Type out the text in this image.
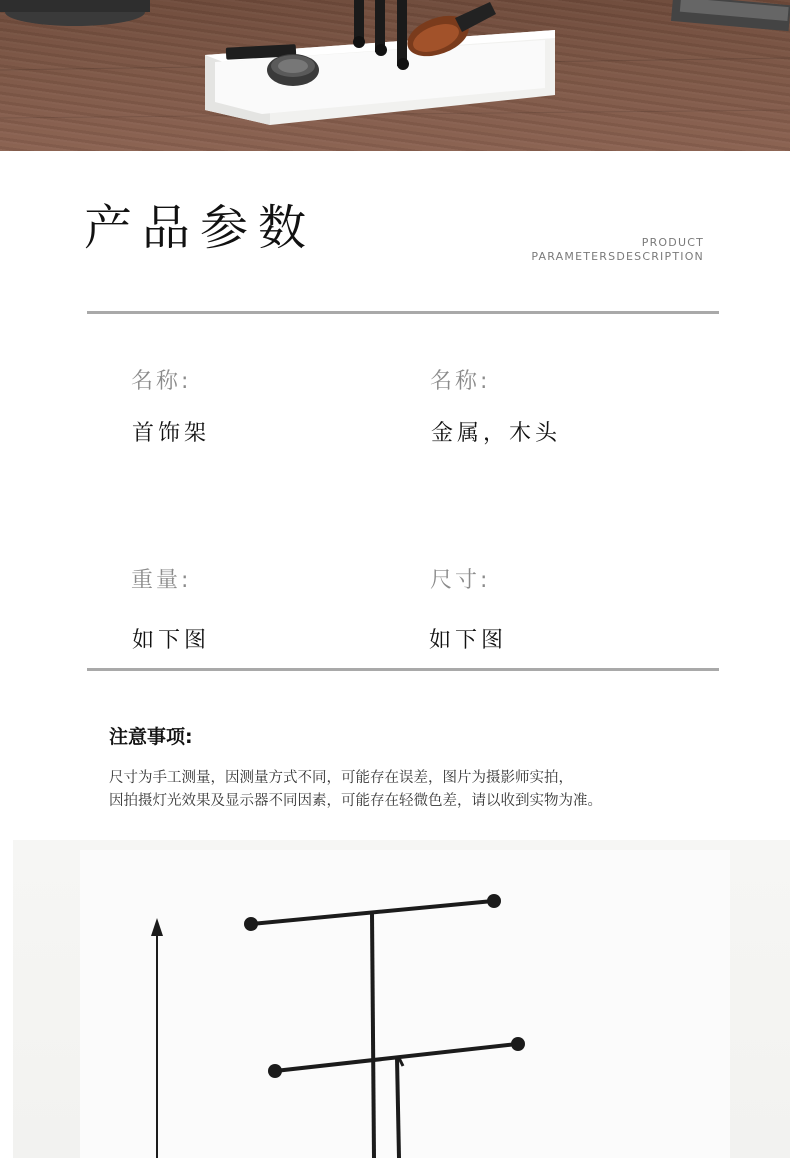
产品参数	PRODUCT
PARAMETERSDESCRIPTION
名称:
首饰架
名称:
金属，木头
重量:
如下图
尺寸:
如下图
注意事项:
尺寸为手工测量，因测量方式不同，可能存在误差，图片为摄影师实拍，
因拍摄灯光效果及显示器不同因素，可能存在轻微色差，请以收到实物为准。
